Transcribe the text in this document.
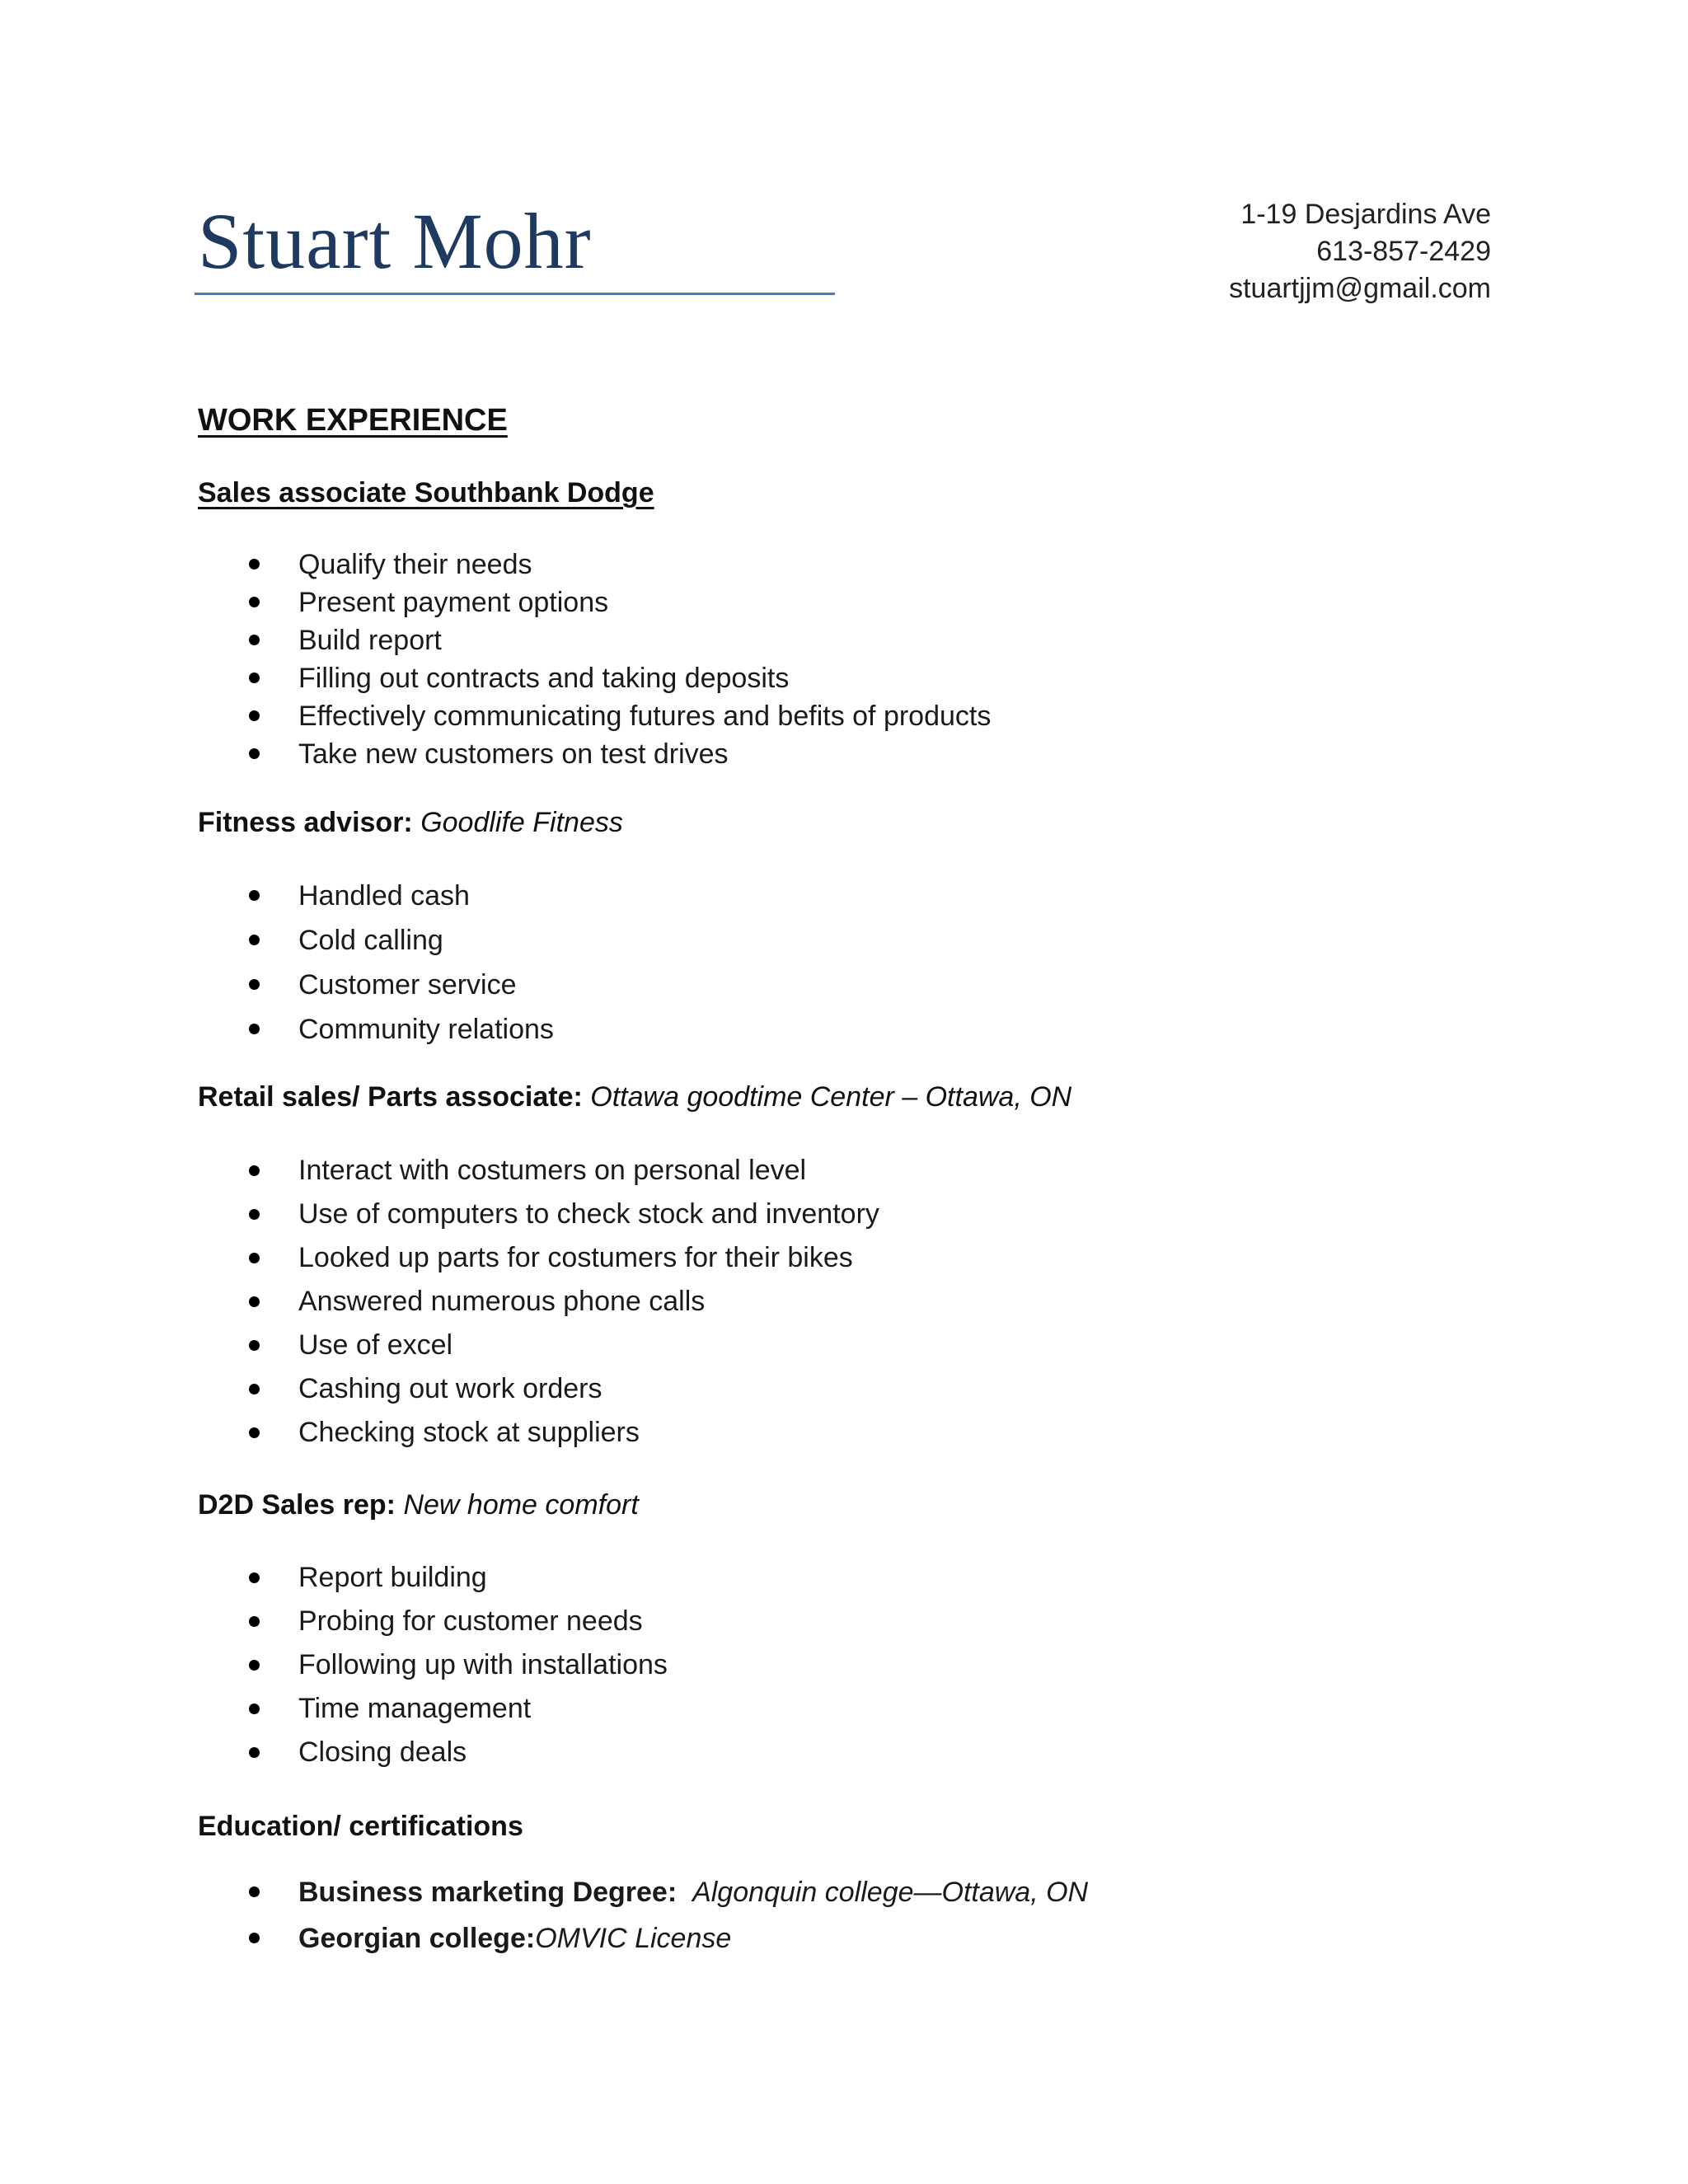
Stuart Mohr	1-19 Desjardins Ave
613-857-2429
stuartjjm@gmail.com
WORK EXPERIENCE
Sales associate Southbank Dodge
Qualify their needs
Present payment options
Build report
Filling out contracts and taking deposits
Effectively communicating futures and befits of products
Take new customers on test drives
Fitness advisor: Goodlife Fitness
Handled cash
Cold calling
Customer service
Community relations
Retail sales/ Parts associate: Ottawa goodtime Center – Ottawa, ON
Interact with costumers on personal level
Use of computers to check stock and inventory
Looked up parts for costumers for their bikes
Answered numerous phone calls
Use of excel
Cashing out work orders
Checking stock at suppliers
D2D Sales rep: New home comfort
Report building
Probing for customer needs
Following up with installations
Time management
Closing deals
Education/ certifications
Business marketing Degree: Algonquin college—Ottawa, ON
Georgian college:OMVIC License
